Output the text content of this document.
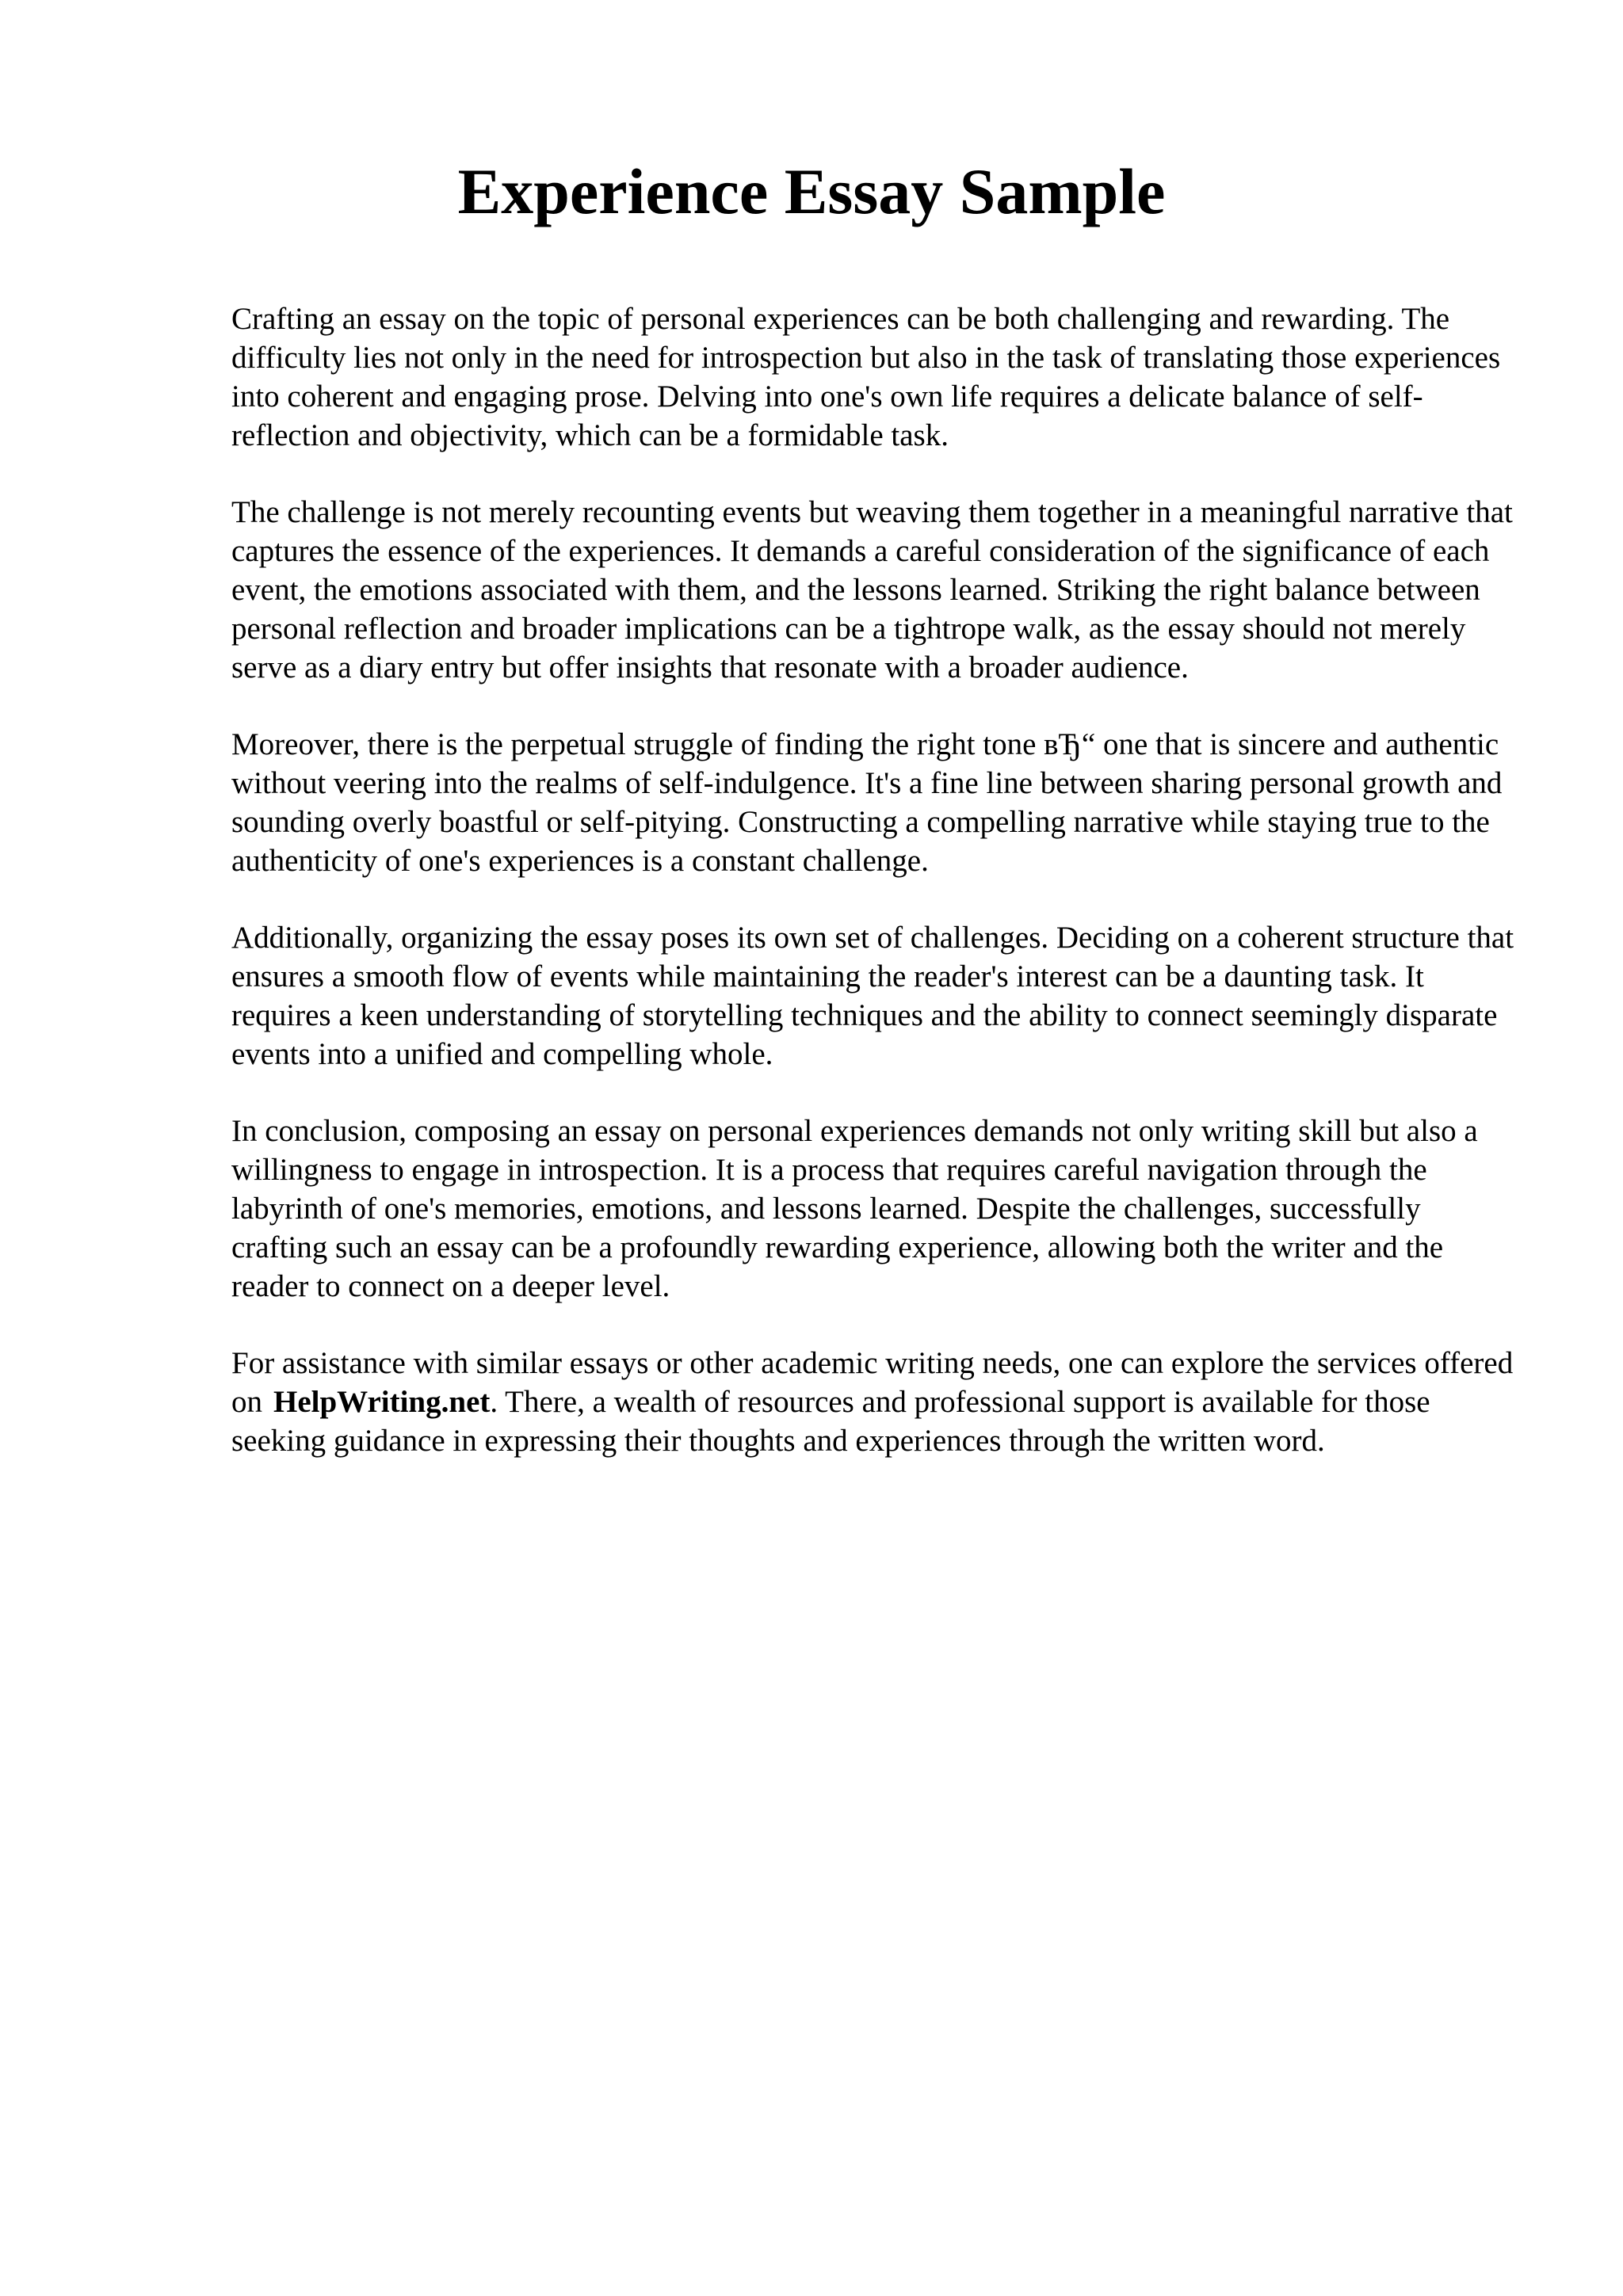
Experience Essay Sample

Crafting an essay on the topic of personal experiences can be both challenging and rewarding. The difficulty lies not only in the need for introspection but also in the task of translating those experiences into coherent and engaging prose. Delving into one's own life requires a delicate balance of self-reflection and objectivity, which can be a formidable task.

The challenge is not merely recounting events but weaving them together in a meaningful narrative that captures the essence of the experiences. It demands a careful consideration of the significance of each event, the emotions associated with them, and the lessons learned. Striking the right balance between personal reflection and broader implications can be a tightrope walk, as the essay should not merely serve as a diary entry but offer insights that resonate with a broader audience.

Moreover, there is the perpetual struggle of finding the right tone вЂ“ one that is sincere and authentic without veering into the realms of self-indulgence. It's a fine line between sharing personal growth and sounding overly boastful or self-pitying. Constructing a compelling narrative while staying true to the authenticity of one's experiences is a constant challenge.

Additionally, organizing the essay poses its own set of challenges. Deciding on a coherent structure that ensures a smooth flow of events while maintaining the reader's interest can be a daunting task. It requires a keen understanding of storytelling techniques and the ability to connect seemingly disparate events into a unified and compelling whole.

In conclusion, composing an essay on personal experiences demands not only writing skill but also a willingness to engage in introspection. It is a process that requires careful navigation through the labyrinth of one's memories, emotions, and lessons learned. Despite the challenges, successfully crafting such an essay can be a profoundly rewarding experience, allowing both the writer and the reader to connect on a deeper level.

For assistance with similar essays or other academic writing needs, one can explore the services offered on HelpWriting.net. There, a wealth of resources and professional support is available for those seeking guidance in expressing their thoughts and experiences through the written word.
